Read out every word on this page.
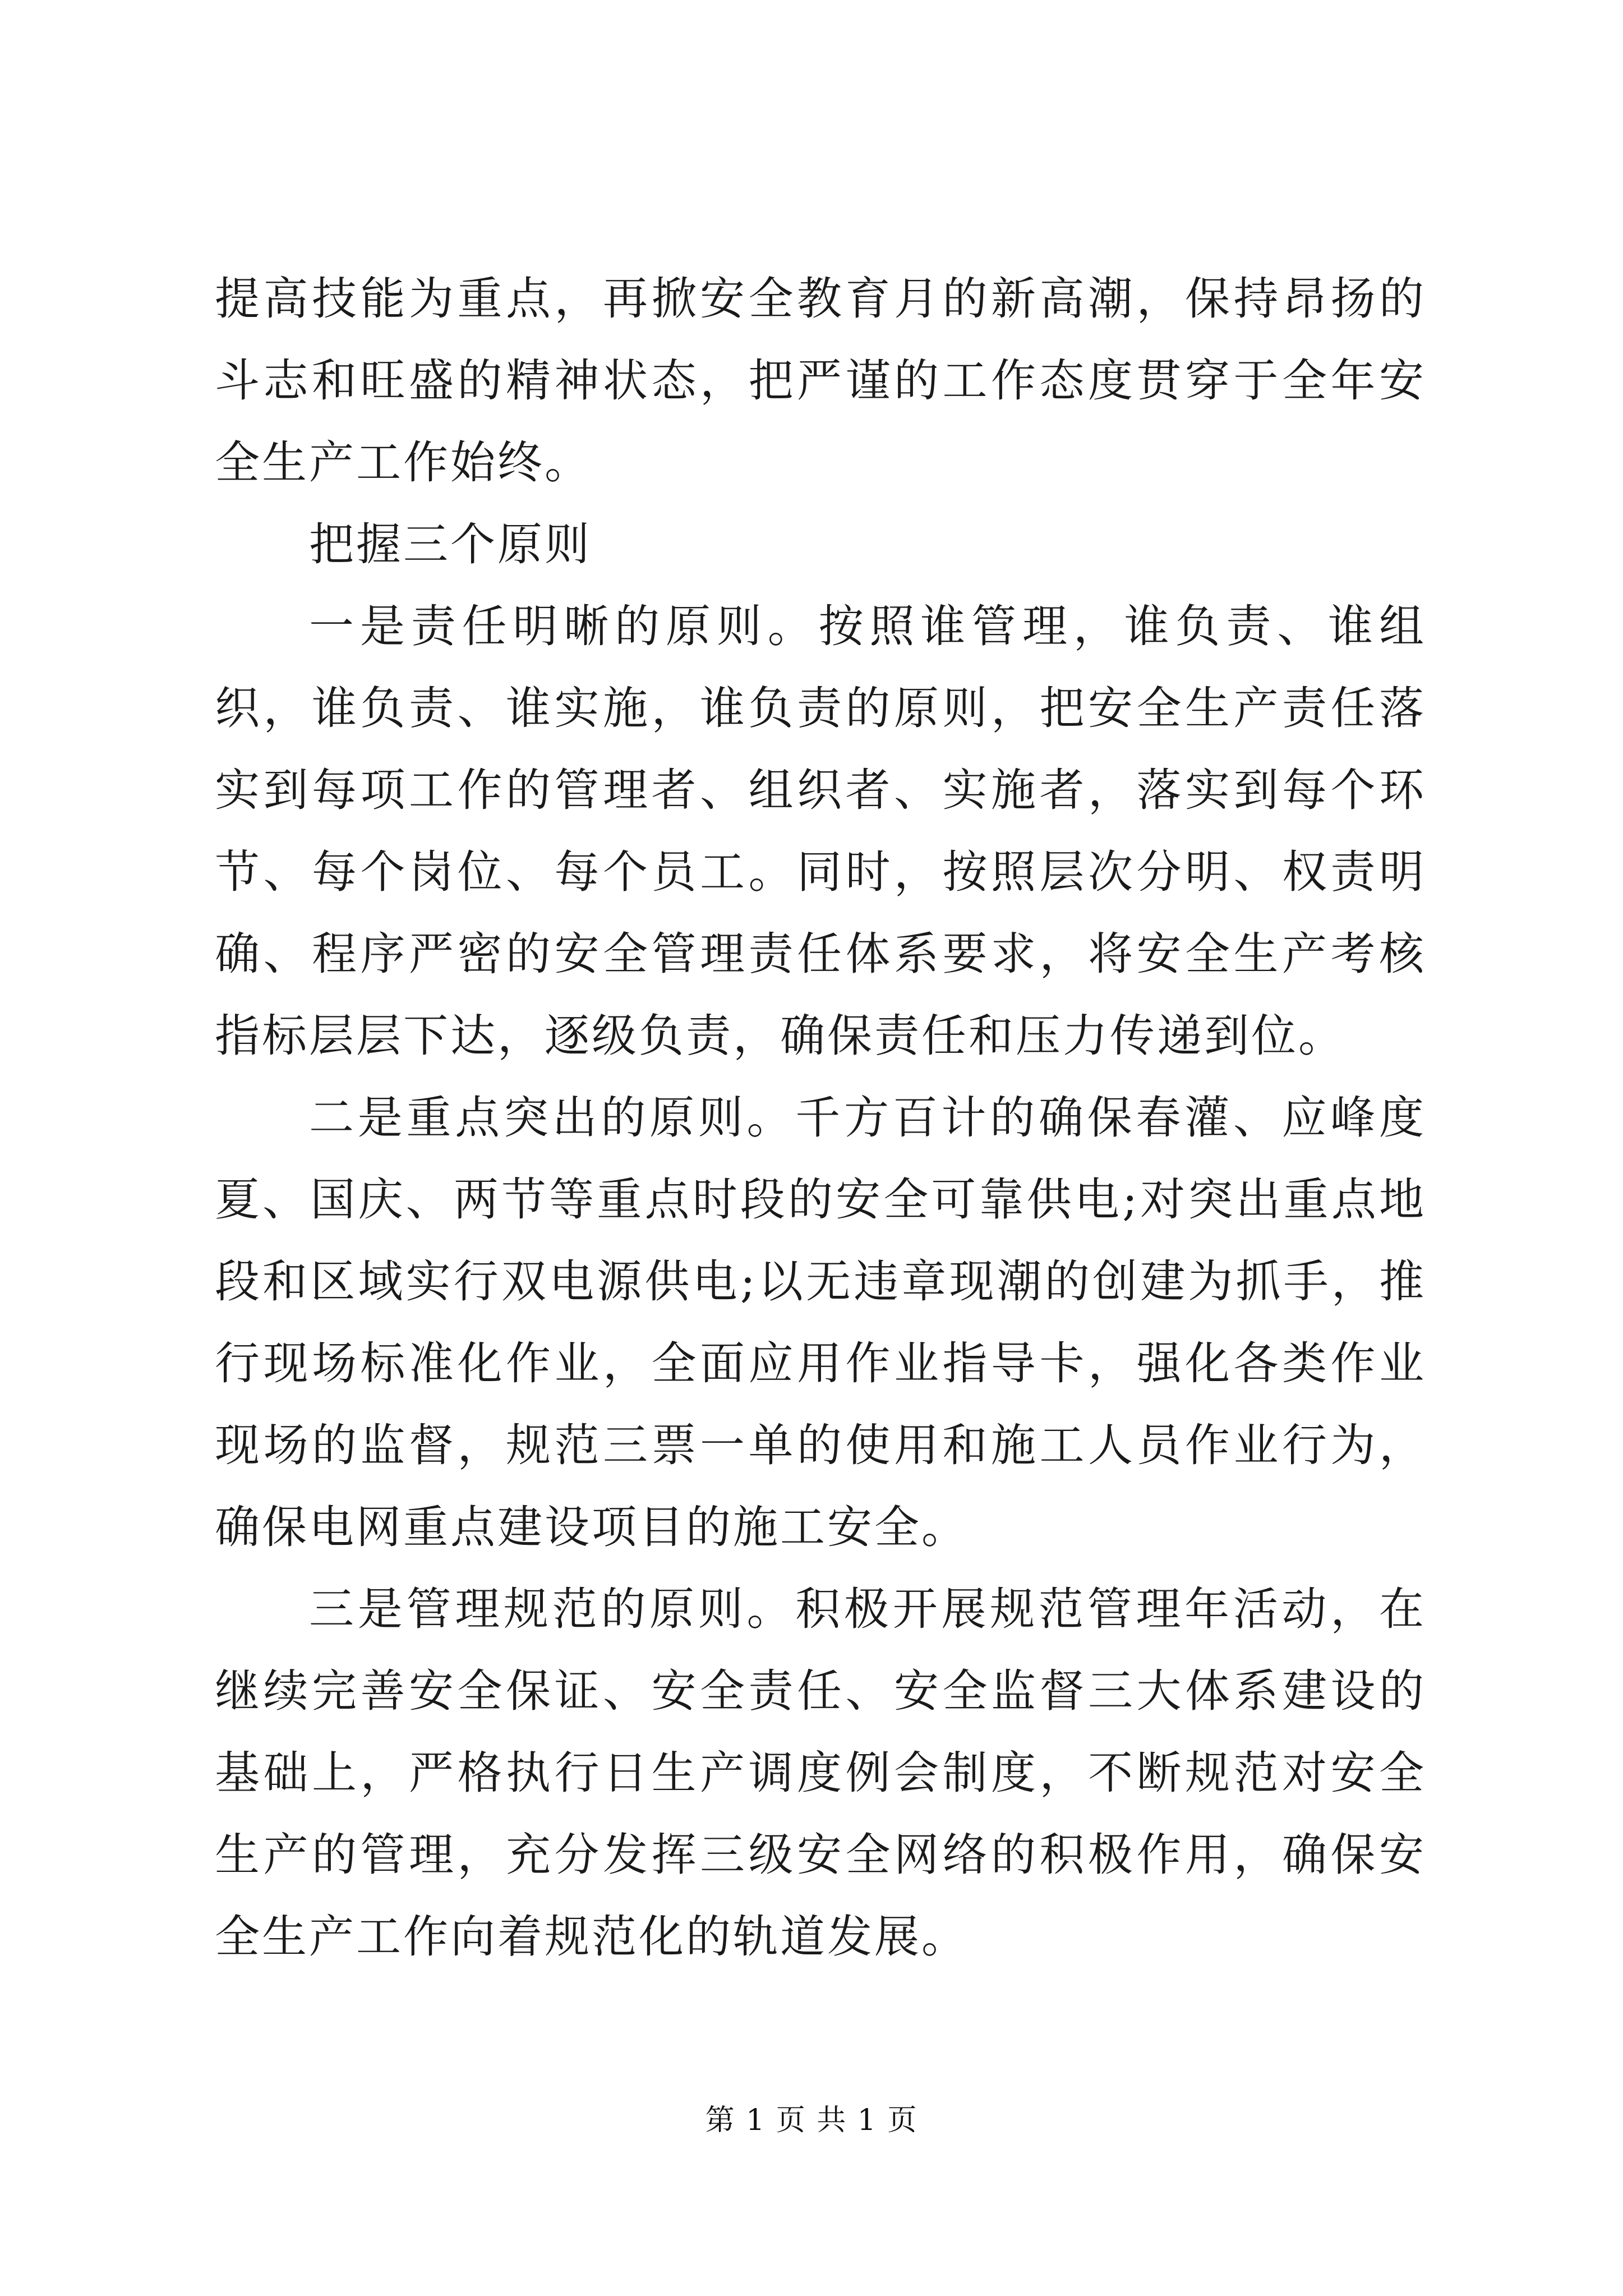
提高技能为重点，再掀安全教育月的新高潮，保持昂扬的斗志和旺盛的精神状态，把严谨的工作态度贯穿于全年安全生产工作始终。

把握三个原则

一是责任明晰的原则。按照谁管理，谁负责、谁组织，谁负责、谁实施，谁负责的原则，把安全生产责任落实到每项工作的管理者、组织者、实施者，落实到每个环节、每个岗位、每个员工。同时，按照层次分明、权责明确、程序严密的安全管理责任体系要求，将安全生产考核指标层层下达，逐级负责，确保责任和压力传递到位。

二是重点突出的原则。千方百计的确保春灌、应峰度夏、国庆、两节等重点时段的安全可靠供电;对突出重点地段和区域实行双电源供电;以无违章现潮的创建为抓手，推行现场标准化作业，全面应用作业指导卡，强化各类作业现场的监督，规范三票一单的使用和施工人员作业行为，确保电网重点建设项目的施工安全。

三是管理规范的原则。积极开展规范管理年活动，在继续完善安全保证、安全责任、安全监督三大体系建设的基础上，严格执行日生产调度例会制度，不断规范对安全生产的管理，充分发挥三级安全网络的积极作用，确保安全生产工作向着规范化的轨道发展。

第 1 页 共 1 页
